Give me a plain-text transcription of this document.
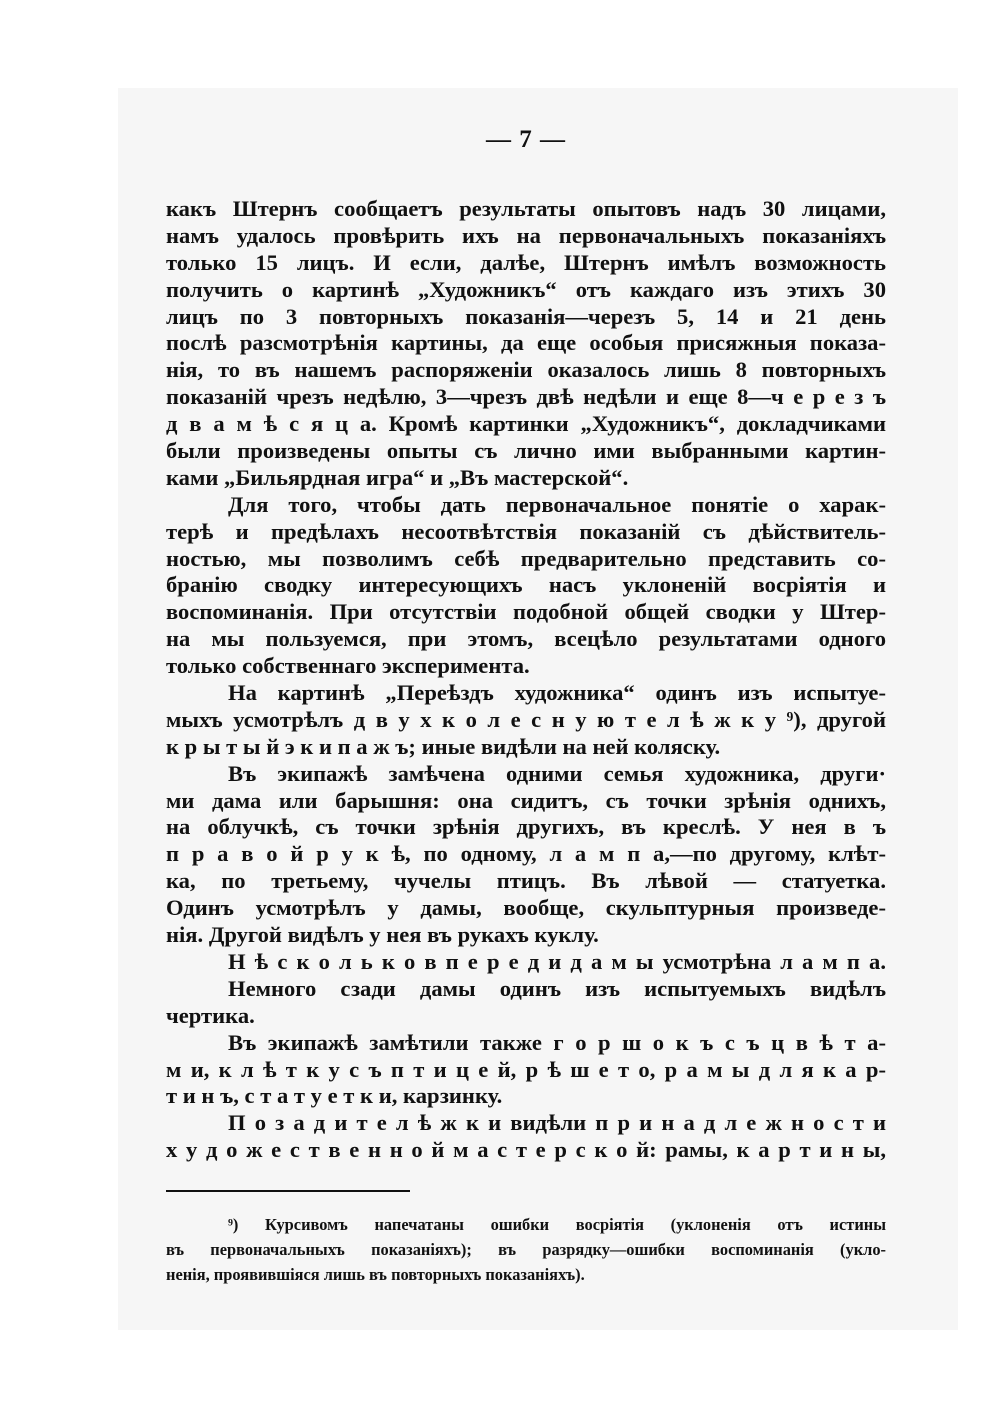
— 7 —
какъ Штернъ сообщаетъ результаты опытовъ надъ 30 лицами,
намъ удалось провѣрить ихъ на первоначальныхъ показаніяхъ
только 15 лицъ. И если, далѣе, Штернъ имѣлъ возможность
получить о картинѣ „Художникъ“ отъ каждаго изъ этихъ 30
лицъ по 3 повторныхъ показанія—черезъ 5, 14 и 21 день
послѣ разсмотрѣнія картины, да еще особыя присяжныя показа-
нія, то въ нашемъ распоряженіи оказалось лишь 8 повторныхъ
показаній чрезъ недѣлю, 3—чрезъ двѣ недѣли и еще 8—ч е р е з ъ
д в а м ѣ с я ц а. Кромѣ картинки „Художникъ“, докладчиками
были произведены опыты съ лично ими выбранными картин-
ками „Бильярдная игра“ и „Въ мастерской“.
Для того, чтобы дать первоначальное понятіе о харак-
терѣ и предѣлахъ несоотвѣтствія показаній съ дѣйствитель-
ностью, мы позволимъ себѣ предварительно представить со-
бранію сводку интересующихъ насъ уклоненій восріятія и
воспоминанія. При отсутствіи подобной общей сводки у Штер-
на мы пользуемся, при этомъ, всецѣло результатами одного
только собственнаго эксперимента.
На картинѣ „Переѣздъ художника“ одинъ изъ испытуе-
мыхъ усмотрѣлъ д в у х к о л е с н у ю т е л ѣ ж к у ⁹), другой
к р ы т ы й э к и п а ж ъ; иные видѣли на ней коляску.
Въ экипажѣ замѣчена одними семья художника, други·
ми дама или барышня: она сидитъ, съ точки зрѣнія однихъ,
на облучкѣ, съ точки зрѣнія другихъ, въ креслѣ. У нея в ъ
п р а в о й р у к ѣ, по одному, л а м п а,—по другому, клѣт-
ка, по третьему, чучелы птицъ. Въ лѣвой — статуетка.
Одинъ усмотрѣлъ у дамы, вообще, скульптурныя произведе-
нія. Другой видѣлъ у нея въ рукахъ куклу.
Н ѣ с к о л ь к о в п е р е д и д а м ы усмотрѣна л а м п а.
Немного сзади дамы одинъ изъ испытуемыхъ видѣлъ
чертика.
Въ экипажѣ замѣтили также г о р ш о к ъ с ъ ц в ѣ т а-
м и, к л ѣ т к у с ъ п т и ц е й, р ѣ ш е т о, р а м ы д л я к а р-
т и н ъ, с т а т у е т к и, карзинку.
П о з а д и т е л ѣ ж к и видѣли п р и н а д л е ж н о с т и
х у д о ж е с т в е н н о й м а с т е р с к о й: рамы, к а р т и н ы,
⁹) Курсивомъ напечатаны ошибки восріятія (уклоненія отъ истины
въ первоначальныхъ показаніяхъ); въ разрядку—ошибки воспоминанія (укло-
ненія, проявившіяся лишь въ повторныхъ показаніяхъ).
